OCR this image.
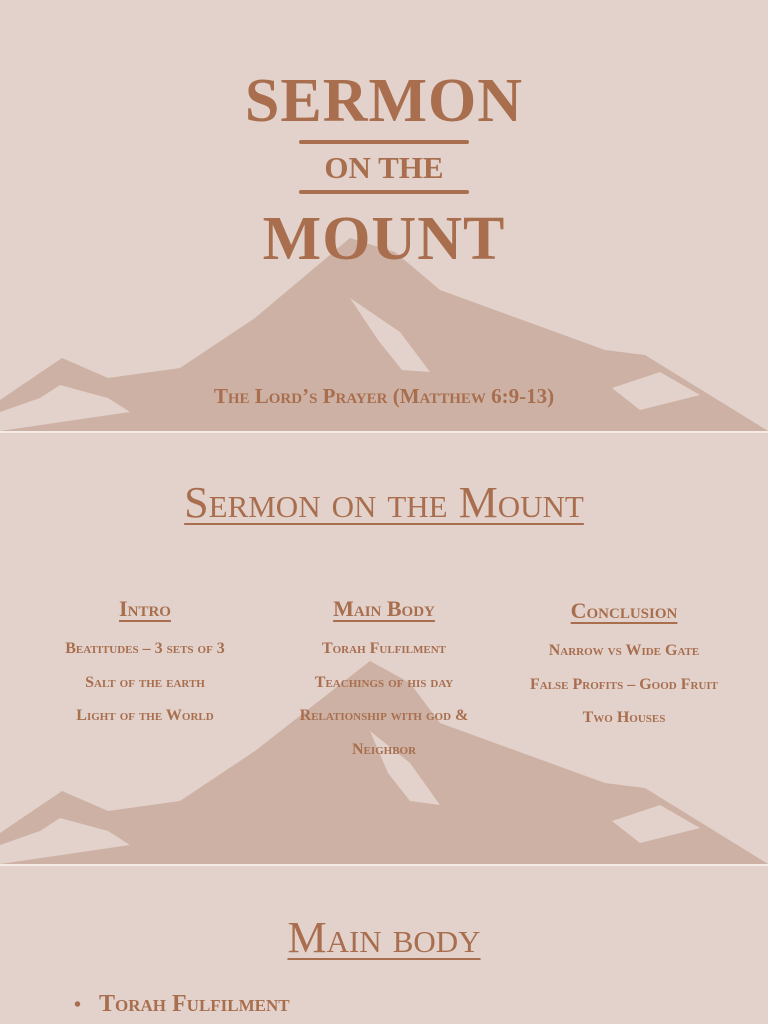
SERMON
ON THE
MOUNT
The Lord’s Prayer (Matthew 6:9-13)
Sermon on the Mount
Intro
Beatitudes – 3 sets of 3
Salt of the earth
Light of the World
Main Body
Torah Fulfilment
Teachings of his day
Relationship with god &
Neighbor
Conclusion
Narrow vs Wide Gate
False Profits – Good Fruit
Two Houses
Main body
• Torah Fulfilment
